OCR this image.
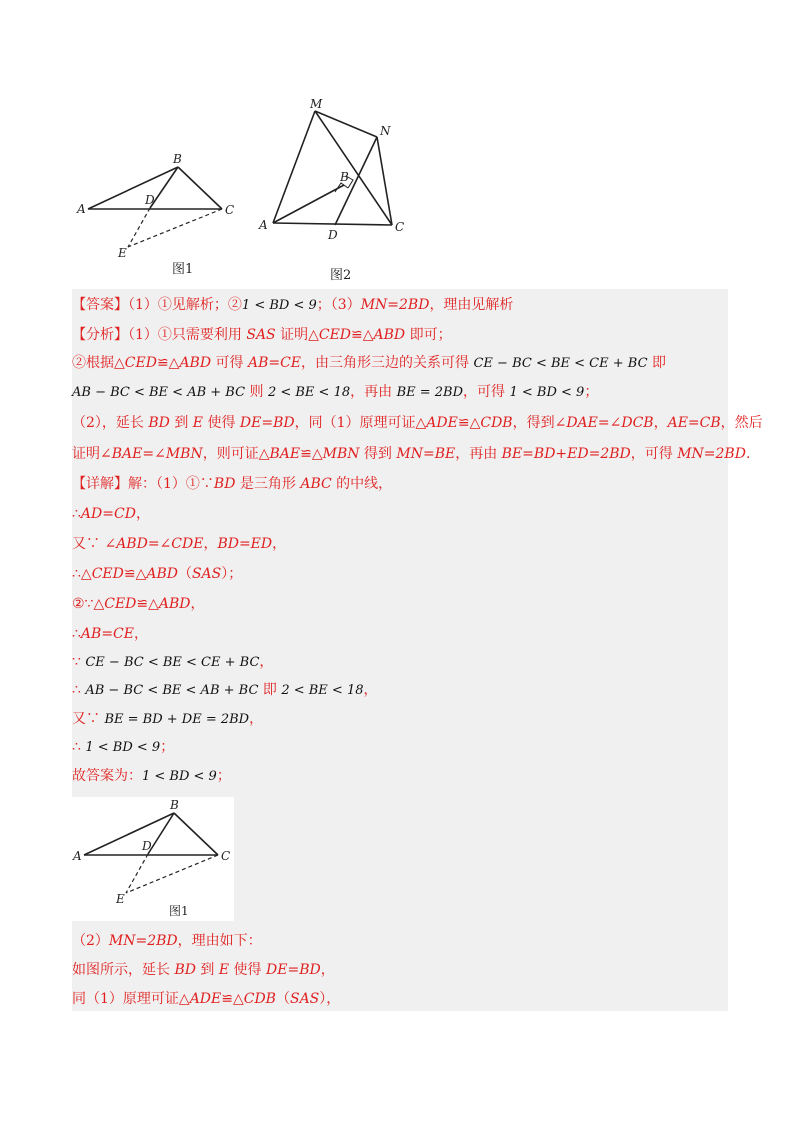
A
B
C
D
E
图1
M
N
A
B
C
D
图2
【答案】（1）①见解析；②1 < BD < 9；（3）MN=2BD，理由见解析
【分析】（1）①只需要利用 SAS 证明△CED≌△ABD 即可；
②根据△CED≌△ABD 可得 AB=CE，由三角形三边的关系可得 CE − BC < BE < CE + BC 即
AB − BC < BE < AB + BC 则 2 < BE < 18，再由 BE = 2BD，可得 1 < BD < 9；
（2），延长 BD 到 E 使得 DE=BD，同（1）原理可证△ADE≌△CDB，得到∠DAE=∠DCB，AE=CB，然后
证明∠BAE=∠MBN，则可证△BAE≌△MBN 得到 MN=BE，再由 BE=BD+ED=2BD，可得 MN=2BD.
【详解】解：（1）①∵BD 是三角形 ABC 的中线，
∴AD=CD，
又∵ ∠ABD=∠CDE，BD=ED，
∴△CED≌△ABD（SAS）；
②∵△CED≌△ABD，
∴AB=CE，
∵ CE − BC < BE < CE + BC，
∴ AB − BC < BE < AB + BC 即 2 < BE < 18，
又∵ BE = BD + DE = 2BD，
∴ 1 < BD < 9；
故答案为：1 < BD < 9；
A
B
C
D
E
图1
（2）MN=2BD，理由如下：
如图所示，延长 BD 到 E 使得 DE=BD，
同（1）原理可证△ADE≌△CDB（SAS），
